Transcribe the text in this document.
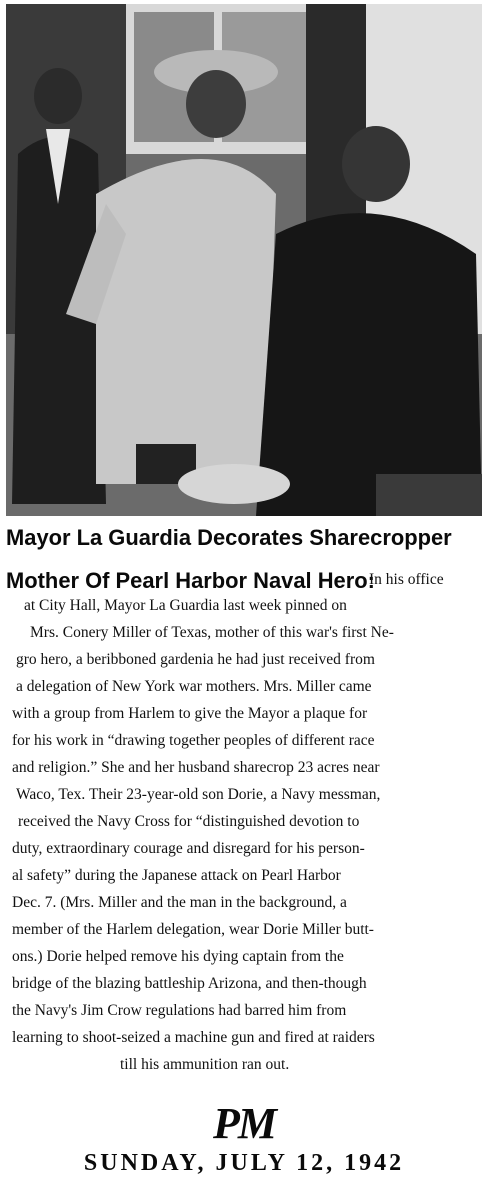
Mayor La Guardia Decorates Sharecropper
Mother Of Pearl Harbor Naval Hero:
In his office
at City Hall, Mayor La Guardia last week pinned on
Mrs. Conery Miller of Texas, mother of this war's first Ne-
gro hero, a beribboned gardenia he had just received from
a delegation of New York war mothers. Mrs. Miller came
with a group from Harlem to give the Mayor a plaque for
for his work in “drawing together peoples of different race
and religion.” She and her husband sharecrop 23 acres near
Waco, Tex. Their 23-year-old son Dorie, a Navy messman,
received the Navy Cross for “distinguished devotion to
duty, extraordinary courage and disregard for his person-
al safety” during the Japanese attack on Pearl Harbor
Dec. 7. (Mrs. Miller and the man in the background, a
member of the Harlem delegation, wear Dorie Miller butt-
ons.) Dorie helped remove his dying captain from the
bridge of the blazing battleship Arizona, and then-though
the Navy's Jim Crow regulations had barred him from
learning to shoot-seized a machine gun and fired at raiders
till his ammunition ran out.
PM
SUNDAY, JULY 12, 1942
